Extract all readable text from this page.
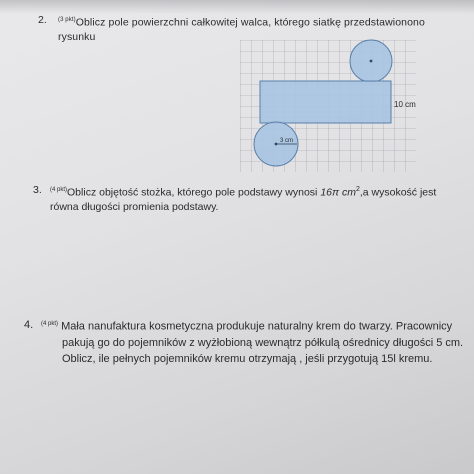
2. $^{(3 pkt)}$Oblicz pole powierzchni całkowitej walca, którego siatkę przedstawionono
rysunku
3 cm
10 cm
3. $^{(4 pkt)}$Oblicz objętość stożka, którego pole podstawy wynosi 16π $cm^2,a$ wysokość jest
równa długości promienia podstawy.
4. $^{(4 pkt)}$ Mała nanufaktura kosmetyczna produkuje naturalny krem do twarzy. Pracownicy
pakują go do pojemników z wyżłobioną wewnątrz półkulą ośrednicy długości 5 cm.
Oblicz, ile pełnych pojemników kremu otrzymają , jeśli przygotują 15l kremu.
